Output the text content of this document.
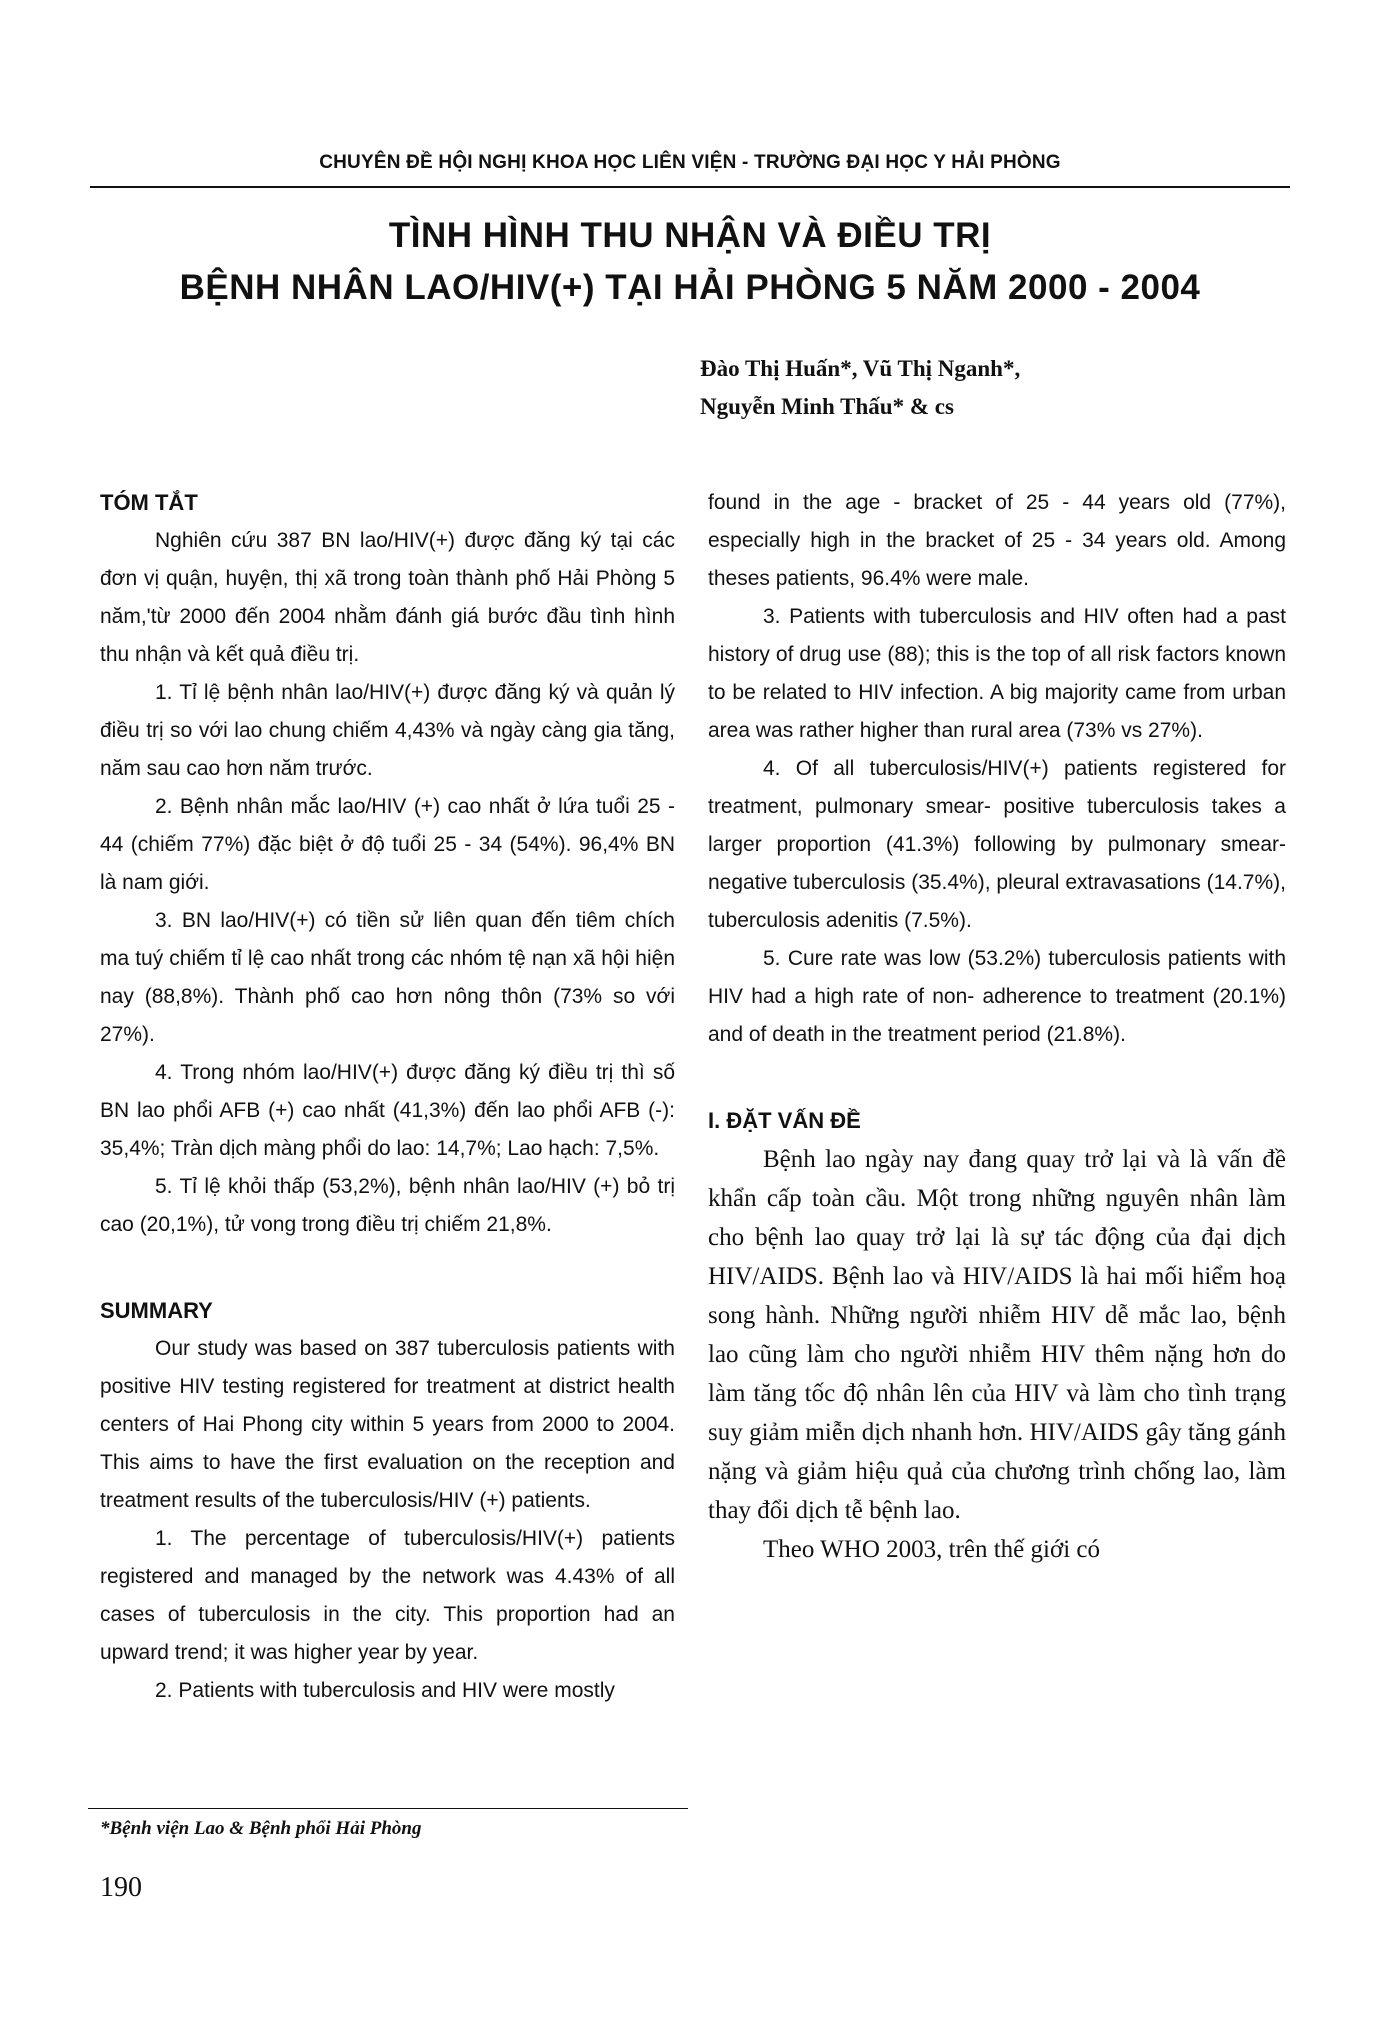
CHUYÊN ĐỀ HỘI NGHỊ KHOA HỌC LIÊN VIỆN - TRƯỜNG ĐẠI HỌC Y HẢI PHÒNG
TÌNH HÌNH THU NHẬN VÀ ĐIỀU TRỊ
BỆNH NHÂN LAO/HIV(+) TẠI HẢI PHÒNG 5 NĂM 2000 - 2004
Đào Thị Huấn*, Vũ Thị Nganh*,
Nguyễn Minh Thấu* & cs
TÓM TẮT

Nghiên cứu 387 BN lao/HIV(+) được đăng ký tại các đơn vị quận, huyện, thị xã trong toàn thành phố Hải Phòng 5 năm,'từ 2000 đến 2004 nhằm đánh giá bước đầu tình hình thu nhận và kết quả điều trị.

1. Tỉ lệ bệnh nhân lao/HIV(+) được đăng ký và quản lý điều trị so với lao chung chiếm 4,43% và ngày càng gia tăng, năm sau cao hơn năm trước.

2. Bệnh nhân mắc lao/HIV (+) cao nhất ở lứa tuổi 25 - 44 (chiếm 77%) đặc biệt ở độ tuổi 25 - 34 (54%). 96,4% BN là nam giới.

3. BN lao/HIV(+) có tiền sử liên quan đến tiêm chích ma tuý chiếm tỉ lệ cao nhất trong các nhóm tệ nạn xã hội hiện nay (88,8%). Thành phố cao hơn nông thôn (73% so với 27%).

4. Trong nhóm lao/HIV(+) được đăng ký điều trị thì số BN lao phổi AFB (+) cao nhất (41,3%) đến lao phổi AFB (-): 35,4%; Tràn dịch màng phổi do lao: 14,7%; Lao hạch: 7,5%.

5. Tỉ lệ khỏi thấp (53,2%), bệnh nhân lao/HIV (+) bỏ trị cao (20,1%), tử vong trong điều trị chiếm 21,8%.

SUMMARY

Our study was based on 387 tuberculosis patients with positive HIV testing registered for treatment at district health centers of Hai Phong city within 5 years from 2000 to 2004. This aims to have the first evaluation on the reception and treatment results of the tuberculosis/HIV (+) patients.

1. The percentage of tuberculosis/HIV(+) patients registered and managed by the network was 4.43% of all cases of tuberculosis in the city. This proportion had an upward trend; it was higher year by year.

2. Patients with tuberculosis and HIV were mostly

found in the age - bracket of 25 - 44 years old (77%), especially high in the bracket of 25 - 34 years old. Among theses patients, 96.4% were male.

3. Patients with tuberculosis and HIV often had a past history of drug use (88); this is the top of all risk factors known to be related to HIV infection. A big majority came from urban area was rather higher than rural area (73% vs 27%).

4. Of all tuberculosis/HIV(+) patients registered for treatment, pulmonary smear- positive tuberculosis takes a larger proportion (41.3%) following by pulmonary smear-negative tuberculosis (35.4%), pleural extravasations (14.7%), tuberculosis adenitis (7.5%).

5. Cure rate was low (53.2%) tuberculosis patients with HIV had a high rate of non- adherence to treatment (20.1%) and of death in the treatment period (21.8%).

I. ĐẶT VẤN ĐỀ

Bệnh lao ngày nay đang quay trở lại và là vấn đề khẩn cấp toàn cầu. Một trong những nguyên nhân làm cho bệnh lao quay trở lại là sự tác động của đại dịch HIV/AIDS. Bệnh lao và HIV/AIDS là hai mối hiểm hoạ song hành. Những người nhiễm HIV dễ mắc lao, bệnh lao cũng làm cho người nhiễm HIV thêm nặng hơn do làm tăng tốc độ nhân lên của HIV và làm cho tình trạng suy giảm miễn dịch nhanh hơn. HIV/AIDS gây tăng gánh nặng và giảm hiệu quả của chương trình chống lao, làm thay đổi dịch tễ bệnh lao.

Theo WHO 2003, trên thế giới có

*Bệnh viện Lao & Bệnh phổi Hải Phòng
190
